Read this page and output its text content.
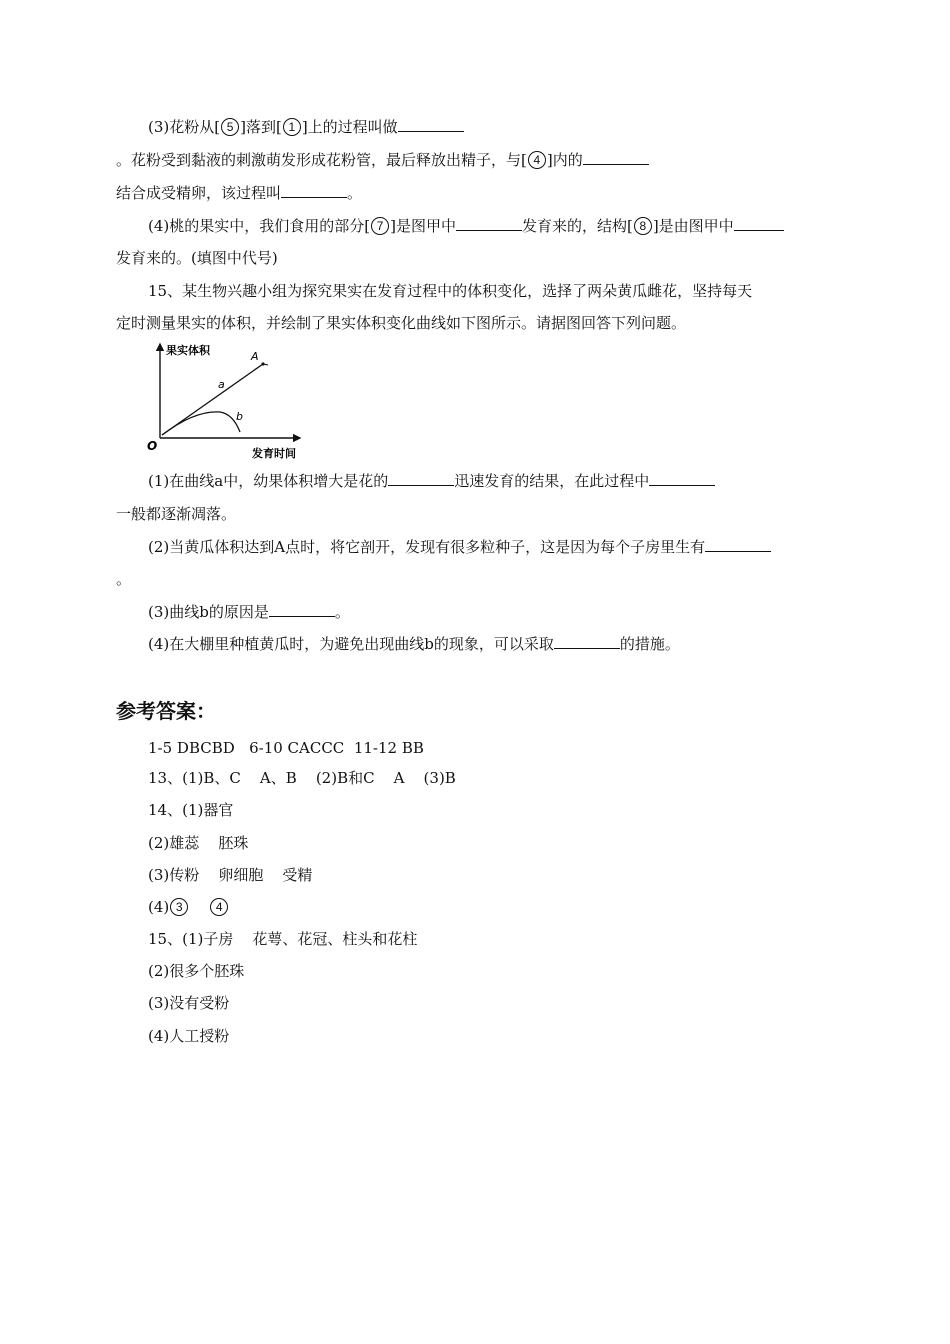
(3)花粉从[ 5 ]落到[ 1 ]上的过程叫做
。花粉受到黏液的刺激萌发形成花粉管，最后释放出精子，与[ 4 ]内的
结合成受精卵，该过程叫	。
(4)桃的果实中，我们食用的部分[ 7 ]是图甲中	发育来的，结构[ 8 ]是由图甲中
发育来的。(填图中代号)
15、某生物兴趣小组为探究果实在发育过程中的体积变化，选择了两朵黄瓜雌花，坚持每天
定时测量果实的体积，并绘制了果实体积变化曲线如下图所示。请据图回答下列问题。
果实体积
发育时间
O
A
a
b
(1)在曲线a中，幼果体积增大是花的	迅速发育的结果，在此过程中
一般都逐渐凋落。
(2)当黄瓜体积达到A点时，将它剖开，发现有很多粒种子，这是因为每个子房里生有
。
(3)曲线b的原因是	。
(4)在大棚里种植黄瓜时，为避免出现曲线b的现象，可以采取	的措施。
参考答案：
1-5 DBCBD   6-10 CACCC  11-12 BB
13、(1)B、C    A、B    (2)B和C    A    (3)B
14、(1)器官
(2)雄蕊    胚珠
(3)传粉    卵细胞    受精
(4) 3	4
15、(1)子房    花萼、花冠、柱头和花柱
(2)很多个胚珠
(3)没有受粉
(4)人工授粉
